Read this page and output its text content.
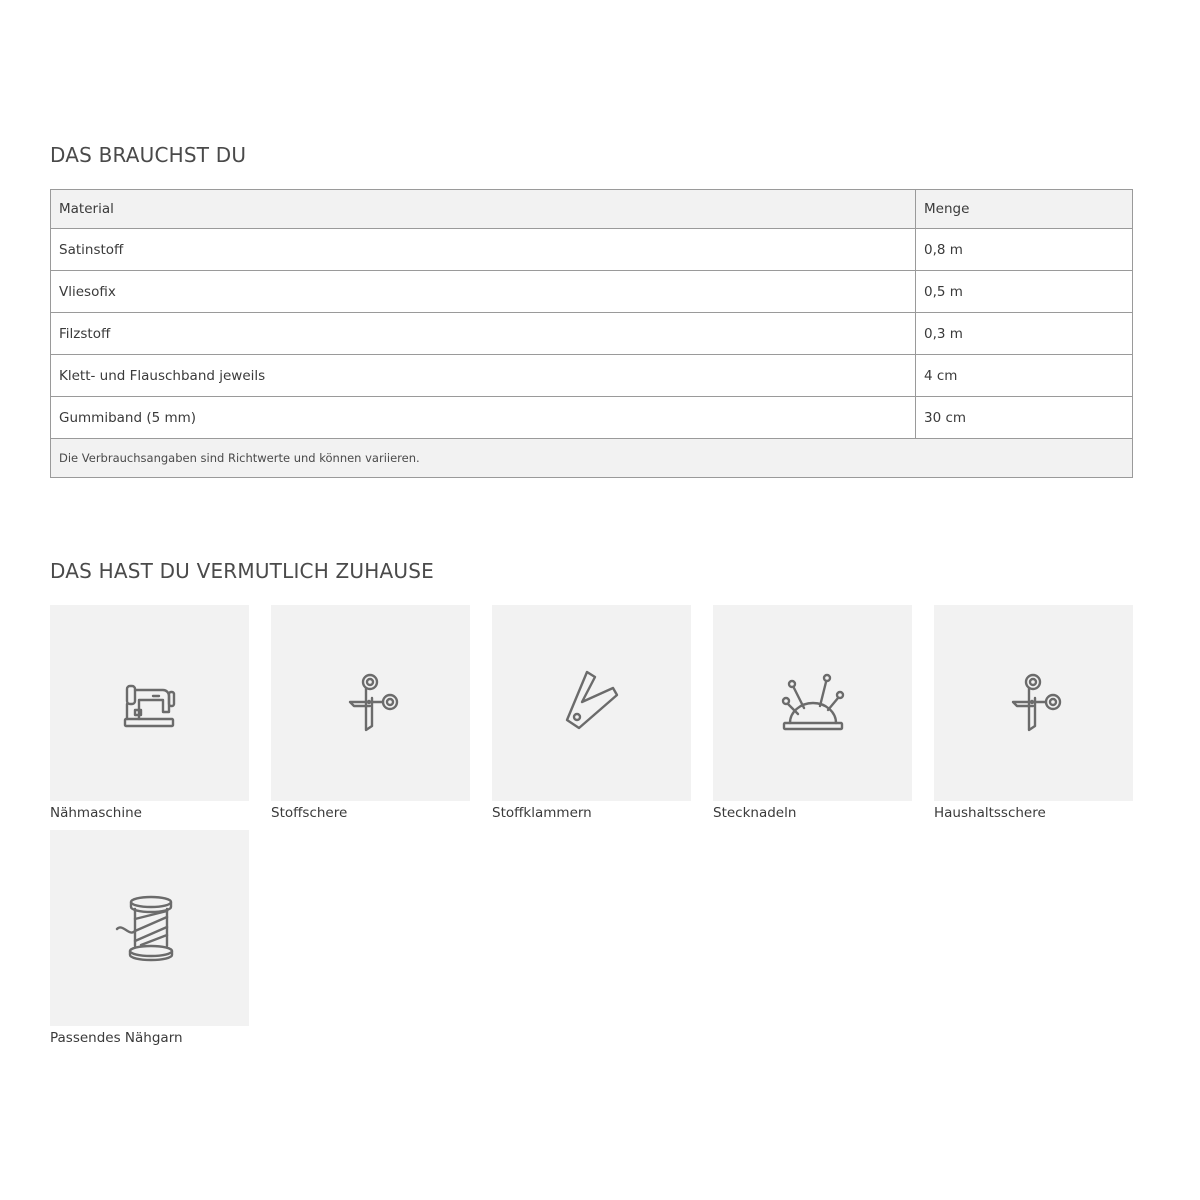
DAS BRAUCHST DU
Material	Menge
Satinstoff	0,8 m
Vliesofix	0,5 m
Filzstoff	0,3 m
Klett- und Flauschband jeweils	4 cm
Gummiband (5 mm)	30 cm
Die Verbrauchsangaben sind Richtwerte und können variieren.	
DAS HAST DU VERMUTLICH ZUHAUSE
Nähmaschine	Stoffschere	Stoffklammern	Stecknadeln	Haushaltsschere
Passendes Nähgarn
